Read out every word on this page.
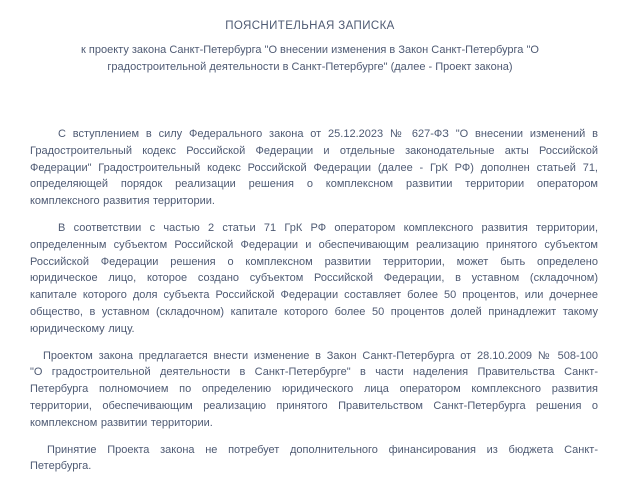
ПОЯСНИТЕЛЬНАЯ ЗАПИСКА
к проекту закона Санкт-Петербурга "О внесении изменения в Закон Санкт-Петербурга "О
градостроительной деятельности в Санкт-Петербурге" (далее - Проект закона)
С вступлением в силу Федерального закона от 25.12.2023 № 627-ФЗ "О внесении изменений в
Градостроительный кодекс Российской Федерации и отдельные законодательные акты Российской
Федерации" Градостроительный кодекс Российской Федерации (далее - ГрК РФ) дополнен статьей 71,
определяющей порядок реализации решения о комплексном развитии территории оператором
комплексного развития территории.
В соответствии с частью 2 статьи 71 ГрК РФ оператором комплексного развития территории,
определенным субъектом Российской Федерации и обеспечивающим реализацию принятого субъектом
Российской Федерации решения о комплексном развитии территории, может быть определено
юридическое лицо, которое создано субъектом Российской Федерации, в уставном (складочном)
капитале которого доля субъекта Российской Федерации составляет более 50 процентов, или дочернее
общество, в уставном (складочном) капитале которого более 50 процентов долей принадлежит такому
юридическому лицу.
Проектом закона предлагается внести изменение в Закон Санкт-Петербурга от 28.10.2009 № 508-100
"О градостроительной деятельности в Санкт-Петербурге" в части наделения Правительства Санкт-
Петербурга полномочием по определению юридического лица оператором комплексного развития
территории, обеспечивающим реализацию принятого Правительством Санкт-Петербурга решения о
комплексном развитии территории.
Принятие Проекта закона не потребует дополнительного финансирования из бюджета Санкт-
Петербурга.
